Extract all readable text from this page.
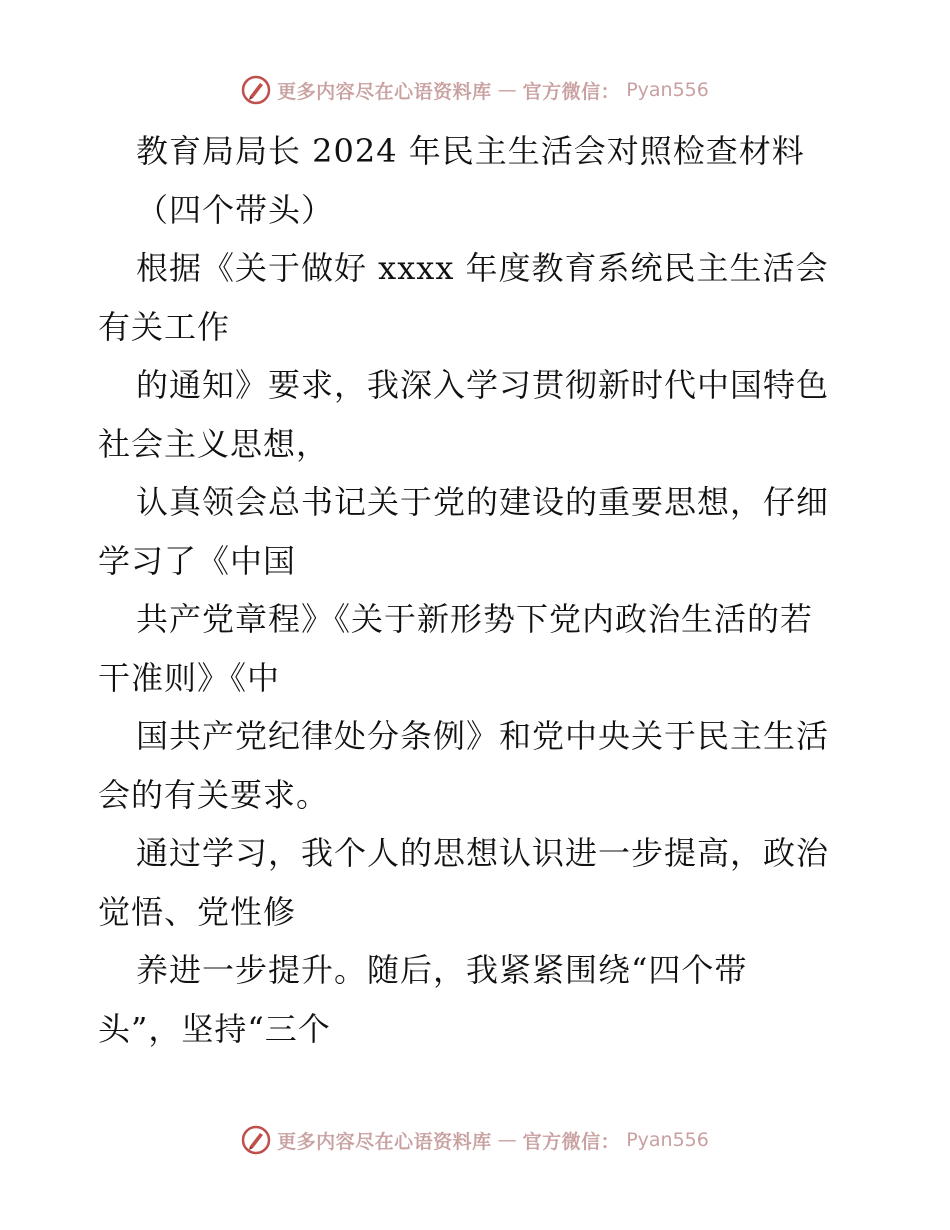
更多内容尽在心语资料库 — 官方微信： Pyan556
教育局局长 2024 年民主生活会对照检查材料
（四个带头）
根据《关于做好 xxxx 年度教育系统民主生活会
有关工作
的通知》要求，我深入学习贯彻新时代中国特色
社会主义思想，
认真领会总书记关于党的建设的重要思想，仔细
学习了《中国
共产党章程》《关于新形势下党内政治生活的若
干准则》《中
国共产党纪律处分条例》和党中央关于民主生活
会的有关要求。
通过学习，我个人的思想认识进一步提高，政治
觉悟、党性修
养进一步提升。随后，我紧紧围绕“四个带
头”，坚持“三个
更多内容尽在心语资料库 — 官方微信： Pyan556
